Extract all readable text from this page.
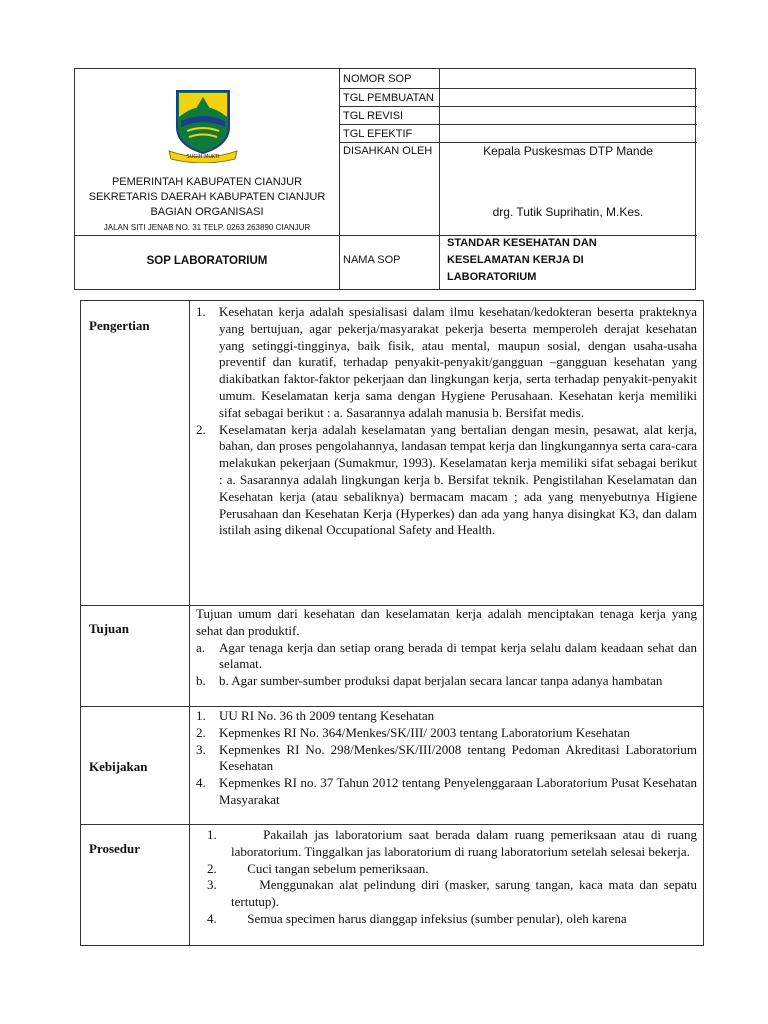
SUGIH MUKTI
PEMERINTAH KABUPATEN CIANJUR
SEKRETARIS DAERAH KABUPATEN CIANJUR
BAGIAN ORGANISASI
JALAN SITI JENAB NO. 31 TELP. 0263 263890 CIANJUR
SOP LABORATORIUM
NOMOR SOP
TGL PEMBUATAN
TGL REVISI
TGL EFEKTIF
DISAHKAN OLEH
NAMA SOP
Kepala Puskesmas DTP Mande
drg. Tutik Suprihatin, M.Kes.
STANDAR KESEHATAN DAN
KESELAMATAN KERJA DI
LABORATORIUM
Pengertian
1. Kesehatan kerja adalah spesialisasi dalam ilmu kesehatan/kedokteran beserta prakteknya yang bertujuan, agar pekerja/masyarakat pekerja beserta memperoleh derajat kesehatan yang setinggi-tingginya, baik fisik, atau mental, maupun sosial, dengan usaha-usaha preventif dan kuratif, terhadap penyakit-penyakit/gangguan –gangguan kesehatan yang diakibatkan faktor-faktor pekerjaan dan lingkungan kerja, serta terhadap penyakit-penyakit umum. Keselamatan kerja sama dengan Hygiene Perusahaan. Kesehatan kerja memiliki sifat sebagai berikut : a. Sasarannya adalah manusia b. Bersifat medis.
2. Keselamatan kerja adalah keselamatan yang bertalian dengan mesin, pesawat, alat kerja, bahan, dan proses pengolahannya, landasan tempat kerja dan lingkungannya serta cara-cara melakukan pekerjaan (Sumakmur, 1993). Keselamatan kerja memiliki sifat sebagai berikut : a. Sasarannya adalah lingkungan kerja b. Bersifat teknik. Pengistilahan Keselamatan dan Kesehatan kerja (atau sebaliknya) bermacam macam ; ada yang menyebutnya Higiene Perusahaan dan Kesehatan Kerja (Hyperkes) dan ada yang hanya disingkat K3, dan dalam istilah asing dikenal Occupational Safety and Health.
Tujuan
Tujuan umum dari kesehatan dan keselamatan kerja adalah menciptakan tenaga kerja yang sehat dan produktif.
a. Agar tenaga kerja dan setiap orang berada di tempat kerja selalu dalam keadaan sehat dan selamat.
b. b. Agar sumber-sumber produksi dapat berjalan secara lancar tanpa adanya hambatan
Kebijakan
1. UU RI No. 36 th 2009 tentang Kesehatan
2. Kepmenkes RI No. 364/Menkes/SK/III/ 2003 tentang Laboratorium Kesehatan
3. Kepmenkes RI No. 298/Menkes/SK/III/2008 tentang Pedoman Akreditasi Laboratorium Kesehatan
4. Kepmenkes RI no. 37 Tahun 2012 tentang Penyelenggaraan Laboratorium Pusat Kesehatan Masyarakat
Prosedur
1. Pakailah jas laboratorium saat berada dalam ruang pemeriksaan atau di ruang laboratorium. Tinggalkan jas laboratorium di ruang laboratorium setelah selesai bekerja.
2. Cuci tangan sebelum pemeriksaan.
3. Menggunakan alat pelindung diri (masker, sarung tangan, kaca mata dan sepatu tertutup).
4. Semua specimen harus dianggap infeksius (sumber penular), oleh karena
